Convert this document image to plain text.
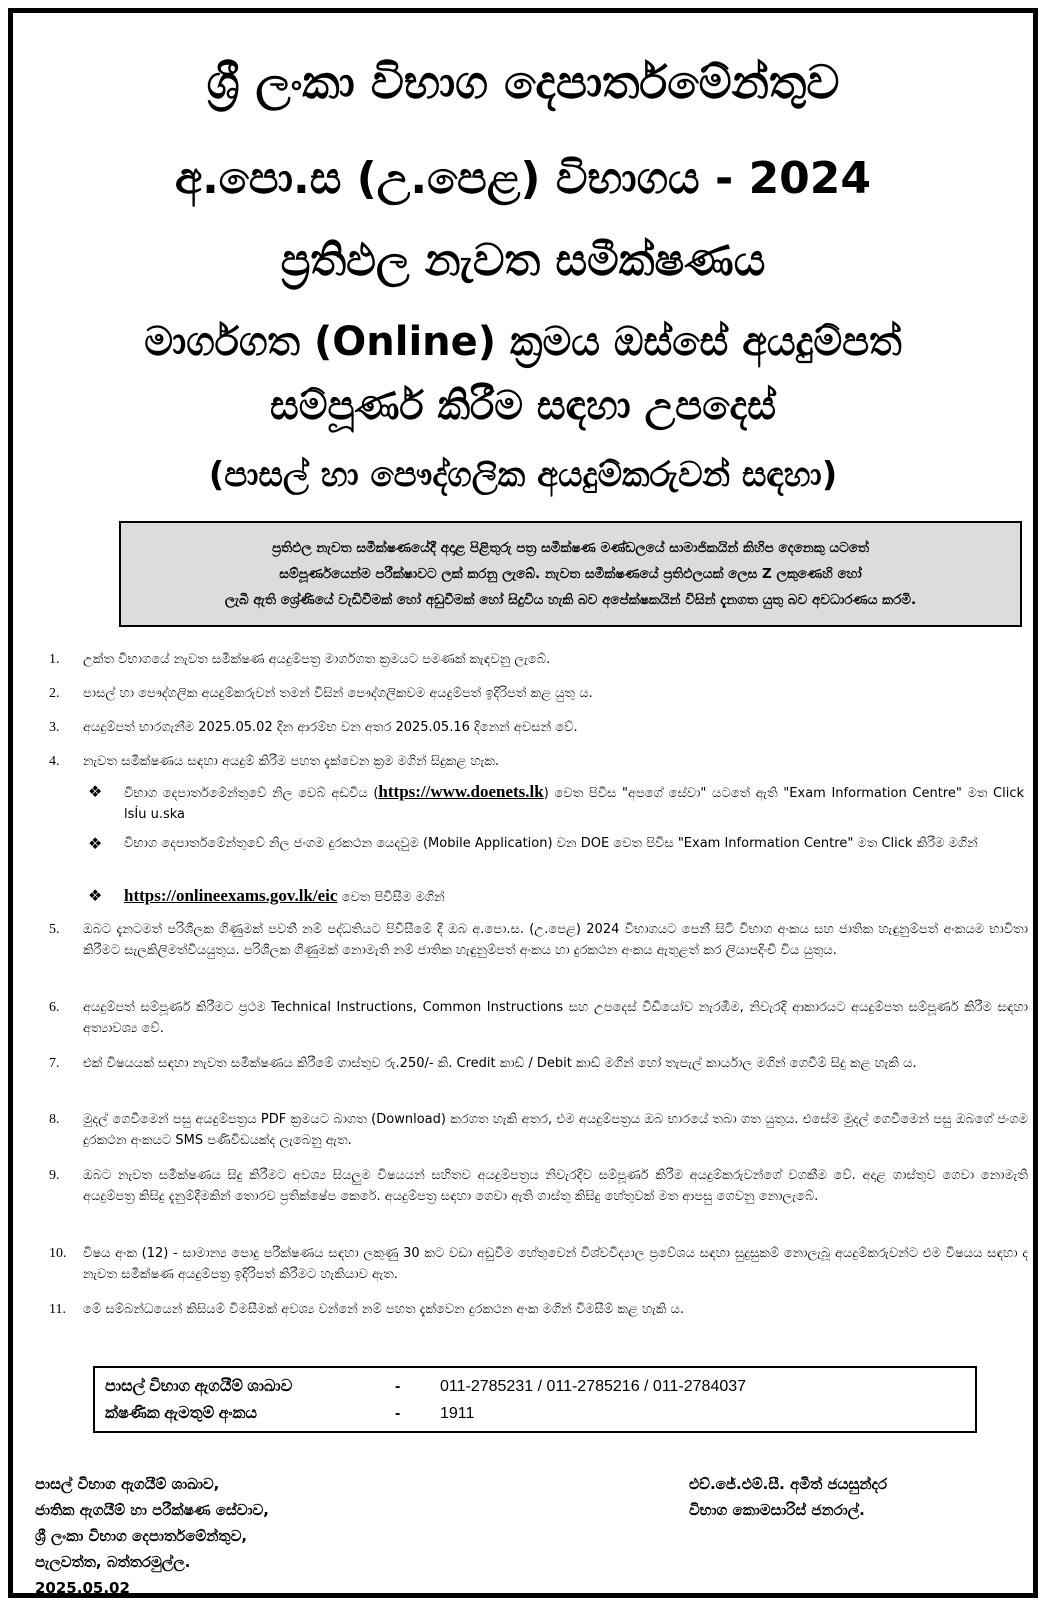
ශ්‍රී ලංකා විභාග දෙපාර්තමේන්තුව
අ.පො.ස (උ.පෙළ) විභාගය - 2024
ප්‍රතිඵල නැවත සමීක්ෂණය
මාර්ගගත (Online) ක්‍රමය ඔස්සේ අයදුම්පත්
සම්පූර්ණ කිරීම සඳහා උපදෙස්
(පාසල් හා පෞද්ගලික අයදුම්කරුවන් සඳහා)
ප්‍රතිඵල නැවත සමීක්ෂණයේදී අදාළ පිළිතුරු පත්‍ර සමීක්ෂණ මණ්ඩලයේ සාමාජිකයින් කිහිප දෙනෙකු යටතේ
සම්පූර්ණයෙන්ම පරීක්ෂාවට ලක් කරනු ලැබේ. නැවත සමීක්ෂණයේ ප්‍රතිඵලයක් ලෙස Z ලකුණෙහි හෝ
ලැබී ඇති ශ්‍රේණියේ වැඩිවීමක් හෝ අඩුවීමක් හෝ සිදුවිය හැකි බව අපේක්ෂකයින් විසින් දැනගත යුතු බව අවධාරණය කරමි.
1.	උක්ත විභාගයේ නැවත සමීක්ෂණ අයදුම්පත්‍ර මාර්ගගත ක්‍රමයට පමණක් කැඳවනු ලැබේ.
2.	පාසල් හා පෞද්ගලික අයදුම්කරුවන් තමන් විසින් පෞද්ගලිකවම අයදුම්පත් ඉදිරිපත් කළ යුතු ය.
3.	අයදුම්පත් භාරගැනීම 2025.05.02 දින ආරම්භ වන අතර 2025.05.16 දිනෙන් අවසන් වේ.
4.	නැවත සමීක්ෂණය සඳහා අයදුම් කිරීම පහත දැක්වෙන ක්‍රම මගින් සිදුකළ හැක.
❖ විභාග දෙපාර්තමේන්තුවේ නිල වෙබ් අඩවිය (https://www.doenets.lk) වෙත පිවිස "අපගේ සේවා" යටතේ ඇති "Exam Information Centre" මත Click lsÍu u.ska
❖ විභාග දෙපාර්තමේන්තුවේ නිල ජංගම දුරකථන යෙදවුම (Mobile Application) වන DOE වෙත පිවිස "Exam Information Centre" මත Click කිරීම මගින්
❖ https://onlineexams.gov.lk/eic වෙත පිවිසීම මගින්
5.	ඔබට දැනටමත් පරිශීලක ගිණුමක් පවතී නම් පද්ධතියට පිවිසීමේ දී ඔබ අ.පො.ස. (උ.පෙළ) 2024 විභාගයට පෙනී සිටි විභාග අංකය සහ ජාතික හැඳුනුම්පත් අංකයම භාවිතා කිරීමට සැලකිලිමත්වියයුතුය. පරිශීලක ගිණුමක් නොමැති නම් ජාතික හැඳුනුම්පත් අංකය හා දුරකථන අංකය ඇතුළත් කර ලියාපදිංචි විය යුතුය.
6.	අයදුම්පත් සම්පූර්ණ කිරීමට ප්‍රථම Technical Instructions, Common Instructions සහ උපදෙස් වීඩියෝව නැරඹීම, නිවැරදි ආකාරයට අයදුම්පත සම්පූර්ණ කිරීම සඳහා අත්‍යාවශ්‍ය වේ.
7.	එක් විෂයයක් සඳහා නැවත සමීක්ෂණය කිරීමේ ගාස්තුව රු.250/- කි. Credit කාඩ් / Debit කාඩ් මගින් හෝ තැපැල් කාර්යාල මගින් ගෙවීම් සිදු කළ හැකි ය.
8.	මුදල් ගෙවීමෙන් පසු අයදුම්පත්‍රය PDF ක්‍රමයට බාගත (Download) කරගත හැකි අතර, එම අයදුම්පත්‍රය ඔබ භාරයේ තබා ගත යුතුය. එසේම මුදල් ගෙවීමෙන් පසු ඔබගේ ජංගම දුරකථන අංකයට SMS පණිවිඩයක්ද ලැබෙනු ඇත.
9.	ඔබට නැවත සමීක්ෂණය සිදු කිරීමට අවශ්‍ය සියලුම විෂයයන් සහිතව අයදුම්පත්‍රය නිවැරදිව සම්පූර්ණ කිරීම අයදුම්කරුවන්ගේ වගකීම වේ. අදාළ ගාස්තුව ගෙවා නොමැති අයදුම්පත්‍ර කිසිදු දැනුම්දීමකින් තොරව ප්‍රතික්ෂේප කෙරේ. අයදුම්පත්‍ර සඳහා ගෙවා ඇති ගාස්තු කිසිදු හේතුවක් මත ආපසු ගෙවනු නොලැබේ.
10.	විෂය අංක (12) - සාමාන්‍ය පොදු පරීක්ෂණය සඳහා ලකුණු 30 කට වඩා අඩුවීම හේතුවෙන් විශ්වවිද්‍යාල ප්‍රවේශය සඳහා සුදුසුකම් නොලැබූ අයදුම්කරුවන්ට එම විෂයය සඳහා ද නැවත සමීක්ෂණ අයදුම්පත්‍ර ඉදිරිපත් කිරීමට හැකියාව ඇත.
11.	මේ සම්බන්ධයෙන් කිසියම් විමසීමක් අවශ්‍ය වන්නේ නම් පහත දැක්වෙන දුරකථන අංක මගින් විමසීම් කළ හැකි ය.
පාසල් විභාග ඇගයීම් ශාඛාව	- 011-2785231 / 011-2785216 / 011-2784037
ක්ෂණික ඇමතුම් අංකය	- 1911
පාසල් විභාග ඇගයීම් ශාඛාව,
ජාතික ඇගයීම් හා පරීක්ෂණ සේවාව,
ශ්‍රී ලංකා විභාග දෙපාර්තමේන්තුව,
පැලවත්ත, බත්තරමුල්ල.
2025.05.02
එච්.ජේ.එම්.සී. අමිත් ජයසුන්දර
විභාග කොමසාරිස් ජනරාල්.
